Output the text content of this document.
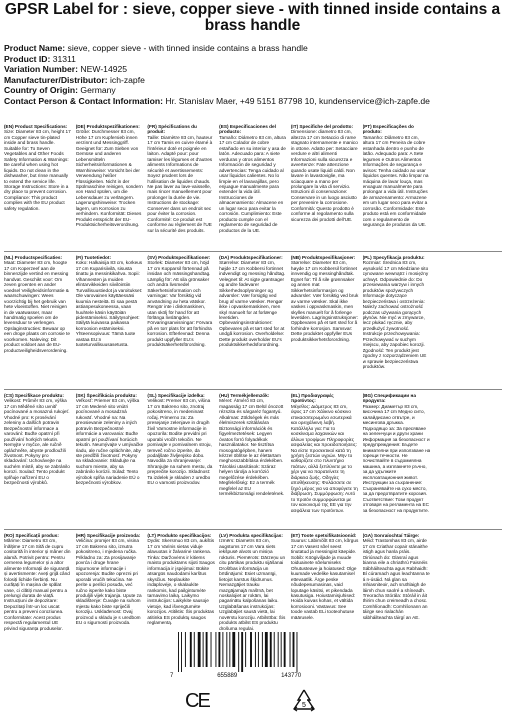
GPSR Label for : sieve, copper sieve - with tinned inside contains a brass handle
Product Name: sieve, copper sieve - with tinned inside contains a brass handle
Product ID: 31311
Variation Number: NEW-14925
Manufacturer/Distributor: ich-zapfe
Country of Origin: Germany
Contact Person & Contact Information: Hr. Stanislav Maer, +49 5151 87798 10, kundenservice@ich-zapfe.de
(EN) Product Specifications:

Size: Diameter 83 cm, height 17 cm Copper sieve tin-plated inside and brass handle. Suitable for: To Seven Vegetables and Other Foods Safety Information & Warnings: Be careful when using hot liquids. Do not clean in the dishwasher, but rinse manually to extend the service life. Storage Instructions: Store in a dry place to prevent corrosion. Compliance: This product complies with the EU product safety regulation.

(DE) Produktspezifikationen:

Größe: Durchmesser 83 cm, Höhe 17 cm Kupfersieb innen verzinnt und Messinggriff. Geeignet für: Zum Sieben von Gemüse und anderen Lebensmitteln Sicherheitsinformationen & Warnhinweise: Vorsicht bei der Verwendung heißer Flüssigkeiten. Nicht in der Spülmaschine reinigen, sondern von Hand spülen, um die Lebensdauer zu verlängern. Lagerungshinweise: Trocken lagern, um Korrosion zu verhindern. Konformität: Dieses Produkt entspricht der EU-Produktsicherheitsverordnung.

(FR) Spécifications du produit:

Taille: Diamètre 83 cm, hauteur 17 cm Tamis en cuivre étamé à l'intérieur doté et poignée en laiton. Adapté pour: pour tamiser les légumes et d'autres aliments Informations de sécurité et avertissements: Soyez prudent lors de l'utilisation de liquides chauds. Ne pas laver au lave-vaisselle, mais rincer manuellement pour prolonger la durée de vie. Instructions de stockage: Conserver dans un endroit sec pour éviter la corrosion. Conformité: Ce produit est conforme au règlement de l'UE sur la sécurité des produits.

(ES) Especificaciones del producto:

Tamaño: Diámetro 83 cm, altura 17 cm Colador de cobre estañado en su interior y asa de latón. Adecuado para: A siete verduras y otros alimentos Información de seguridad y advertencias: Tenga cuidado al usar líquidos calientes. No lo limpie en el lavavajillas, pero enjuague manualmente para extender la vida útil. Instrucciones de almacenamiento: Almacene en un lugar seco para evitar la corrosión. Cumplimiento: Este producto cumple con el reglamento de seguridad de productos de la UE.

(IT) Specifiche del prodotto:

Dimensione: diametro 83 cm, altezza 17 cm Setaccio di rame stagnato internamente e manico in ottone. Adatto per: Setacciare verdure e altri alimenti Informazioni sulla sicurezza e avvertenze: Fate attenzione quando usate liquidi caldi. Non lavare in lavastoviglie, ma sciacquare a mano per prolungare la vita di servizio. Istruzioni di conservazione: Conservare in un luogo asciutto per prevenire la corrosione. Conformità: Questo prodotto è conforme al regolamento sulla sicurezza dei prodotti dell'UE.

(PT) Especificações do produto:

Tamanho: Diâmetro 83 cm, altura 17 cm Peneira de cobre estanhada dentro e punho de latão. Adequado para: A Sete legumes e Outros Alimentos Informações de segurança e avisos: Tenha cuidado ao usar líquidos quentes. Não limpar na máquina de lavar louça, mas enxaguar manualmente para prolongar a vida útil. Instruções de armazenamento: Armazene em um lugar seco para evitar a corrosão. Conformidade: Este produto está em conformidade com o regulamento de segurança de produtos da UE.

(NL) Productspecificaties:

Maat: Diameter 83 cm, hoogte 17 cm Koperzeef aan de binnenzijde vertind en messing handvat. Geschikt voor: Om zeven groenten en ander voedsel Veiligheidsinformatie & waarschuwingen: Wees voorzichtig bij het gebruik van hete vloeistoffen. Niet reinigen in de vaatwasser, maar handmatig spoelen om de levensduur te verlengen. Opslaginstructies: Bewaar op een droge plaats om corrosie te voorkomen. Naleving: Dit product voldoet aan de EU-productveiligheidsverordening.

(FI) Tuotetiedot:

Koko: Halkaisija 83 cm, korkeus 17 cm Kuparisiivilä, sisusta tinattu ja messinkikahva. Sopii: Vihannesten ja muiden elintarvikkeiden siivilöintiin Turvallisuustiedot ja varoitukset: Ole varovainen käyttäessäsi kuumia nesteitä. Ei saa pestä astianpesukoneessa, vaan huuhtele käsin käyttöiän pidentämiseksi. Säilytysohjeet: Säilytä kuivassa paikassa korroosion estämiseksi. Yhteensopivuus: Tämä tuote vastaa EU:n tuoteturvallisuusasetusta.

(SV) Produktspecifikationer:

Storlek: Diameter 83 cm, höjd 17 cm Kopparsil förtennad på insidan och mässingshandtag. Lämplig för: Att sila grönsaker och andra livsmedel Säkerhetsinformation och varningar: Var försiktig vid användning av heta vätskor. Rengör inte i diskmaskinen, utan skölj för hand för att förlänga livslängden. Förvaringsanvisningar: Förvara på en torr plats för att förhindra korrosion. Efterlevnad: Denna produkt uppfyller EU:s produktsäkerhetsförordning.

(DA) Produktspecifikationer:

Størrelse: Diameter 83 cm, højde 17 cm Kobbersi fortinnet indvendigt og messing håndtag. Velegnet til: At sigte grøntsager og andre fødevarer Sikkerhedsoplysninger og advarsler: Vær forsigtig ved brug af varme væsker. Rengør ikke i opvaskemaskinen, men skyl manuelt for at forlænge levetiden. Opbevaringsinstruktioner: Opbevares på et tørt sted for at undgå korrosion. Overholdelse: Dette produkt overholder EU's produktsikkerhedsforordning.

(NB) Produktspesifikasjoner:

Størrelse: Diameter 83 cm, høyde 17 cm Kobbersil fortinnet innvendig og messinghåndtak. Egnet for: Til å sile grønnsaker og annen mat Sikkerhetsinformasjon og advarsler: Vær forsiktig ved bruk av varme væsker. Skal ikke vaskes i oppvaskmaskin, men skylles manuelt for å forlenge levetiden. Lagringsinstruksjoner: Oppbevares på et tørt sted for å forhindre korrosjon. Samsvar: Dette produktet oppfyller EUs produktsikkerhetsforordning.

(PL) Specyfikacja produktu:

Rozmiar: Średnica 83 cm, wysokość 17 cm Miedziane sito cynowane wewnątrz i mosiężny uchwyt. Odpowiednie do: Do przesiewania warzyw i innych produktów spożywczych Informacje dotyczące bezpieczeństwa i ostrzeżenia: Należy zachować ostrożność podczas używania gorących płynów. Nie myć w zmywarce, lecz płukać ręcznie, aby przedłużyć żywotność. Instrukcje przechowywania: Przechowywać w suchym miejscu, aby zapobiec korozji. Zgodność: Ten produkt jest zgodny z rozporządzeniem UE w sprawie bezpieczeństwa produktów.

(CS) Specifikace produktu:

Velikost: Průměr 83 cm, výška 17 cm Měděné síto uvnitř pocínované a mosazná rukojeť. Vhodné pro: K prosévání zeleniny a dalších potravin Bezpečnostní informace a varování: Buďte opatrní při používání horkých tekutin. Nemyjte v myčce, ale ručně opláchněte, abyste prodloužili životnost. Pokyny pro skladování: Uchovávejte na suchém místě, aby se zabránilo korozi. Soulad: Tento produkt splňuje nařízení EU o bezpečnosti výrobků.

(SK) Špecifikácia produktu:

Veľkosť: Priemer 83 cm, výška 17 cm Medené sito vnútri pocínované a mosadzná rukoväť. Vhodné na: Na preosievanie zeleniny a iných potravín Bezpečnostné informácie a varovania: Buďte opatrní pri používaní horúcich tekutín. Neumývajte v umývačke riadu, ale ručne opláchnite, aby ste predĺžili životnosť. Pokyny na skladovanie: Skladujte na suchom mieste, aby sa zabránilo korózii. Súlad: Tento výrobok spĺňa nariadenie EÚ o bezpečnosti výrobkov.

(SL) Specifikacije izdelka:

Velikost: Premer 83 cm, višina 17 cm Bakreno sito, znotraj pokositreno, in medeninast ročaj. Primerno za: Za presejanje zelenjave in drugih živil Varnostne informacije in opozorila: Bodite previdni pri uporabi vročih tekočin. Ne pomivajte v pomivalnem stroju, temveč ročno izperite, da podaljšate življenjsko dobo. Navodila za shranjevanje: Shranjujte na suhem mestu, da preprečite korozijo. Skladnost: Ta izdelek je skladen z uredbo EU o varnosti proizvodov.

(HU) Termékjellemzők:

Méret: Átmérő 83 cm, magasság 17 cm Belül ónozott rézszita és sárgaréz fogantyú. Alkalmas: Zöldségek és más élelmiszerek szitálására Biztonsági információk és figyelmeztetések: Legyen óvatos forró folyadékok használatakor. Ne tisztítsa mosogatógépben, hanem kézzel öblítse le az élettartam meghosszabbítása érdekében. Tárolási utasítások: Száraz helyen tárolja a korrózió megelőzése érdekében. Megfelelőség: Ez a termék megfelel az EU termékbiztonsági rendeletének.

(EL) Προδιαγραφές προϊόντος:

Μέγεθος: Διάμετρος 83 cm, ύψος 17 cm Χάλκινο κόσκινο επικασσιτερωμένο εσωτερικά και ορειχάλκινη λαβή. Κατάλληλο για: Για το κοσκίνισμα λαχανικών και άλλων τροφίμων Πληροφορίες ασφαλείας και προειδοποιήσεις: Να είστε προσεκτικοί κατά τη χρήση ζεστών υγρών. Μην το καθαρίζετε στο πλυντήριο πιάτων, αλλά ξεπλύνετε με το χέρι για να παρατείνετε τη διάρκεια ζωής. Οδηγίες αποθήκευσης: Φυλάσσετε σε ξηρό μέρος για να αποφύγετε τη διάβρωση. Συμμόρφωση: Αυτό το προϊόν συμμορφώνεται με τον κανονισμό της ΕΕ για την ασφάλεια των προϊόντων.

(BG) Спецификации на продукта:

Размер: Диаметър 83 cm, височина 17 cm Медно сито, калайдисано отвътре, и месингова дръжка. Подходящо за: За пресяване на зеленчуци и други храни Информация за безопасност и предупреждения: Бъдете внимателни при използване на горещи течности. Не почиствайте в съдомиялна машина, а изплакнете ръчно, за да удължите експлоатационния живот. Инструкции за съхранение: Съхранявайте на сухо място, за да предотвратите корозия. Съответствие: Този продукт отговаря на регламента на ЕС за безопасност на продуктите.

(RO) Specificații produs:

Mărime: Diametru 83 cm, înălțime 17 cm Sită de cupru cositorită în interior și mâner din alamă. Potrivit pentru: Pentru cernerea legumelor și a altor alimente Informații de siguranță și avertismente: Aveți grijă când folosiți lichide fierbinți. Nu curățați în mașina de spălat vase, ci clătiți manual pentru a prelungi durata de viață. Instrucțiuni de depozitare: Depozitați într-un loc uscat pentru a preveni coroziunea. Conformitate: Acest produs respectă regulamentul UE privind siguranța produselor.

(HR) Specifikacije proizvoda:

Veličina: promjer 83 cm, visina 17 cm Bakreno sito, iznutra pokositreno, i mjedena ručka. Prikladno za: Za prosijavanje povrća i druge hrane Sigurnosne informacije i upozorenja: Budite oprezni pri uporabi vrućih tekućina. Ne perite u perilici posuđa, već ručno isperite kako biste produljili vijek trajanja. Upute za skladištenje: Čuvajte na suhom mjestu kako biste spriječili koroziju. Usklađenost: Ovaj proizvod u skladu je s uredbom EU o sigurnosti proizvoda.

(LT) Produkto specifikacijos:

Dydis: Skersmuo 83 cm, aukštis 17 cm Varinis sietas viduje alavuotas ir žalvarinė rankena. Tinka: Daržovėms ir kitiems maisto produktams sijoti Saugos informacija ir įspėjimai: Būkite atsargūs naudodami karštus skysčius. Neplaukite indaplovėje, o skalaukite rankomis, kad pailgintumėte tarnavimo laiką. Laikymo instrukcijos: Laikykite sausoje vietoje, kad išvengtumėte korozijos. Atitiktis: Šis produktas atitinka ES produktų saugos reglamentą.

(LV) Produkta specifikācijas:

Izmērs: Diametrs 83 cm, augstums 17 cm Vara siets iekšpusē alvots un misiņa rokturis. Piemērots: Dārzeņu un citu pārtikas produktu sijāšanai Drošības informācija un brīdinājumi: Esiet uzmanīgi, lietojot karstus šķidrumus. Nemazgājiet trauku mazgājamajā mašīnā, bet noskalojiet ar rokām, lai pagarinātu kalpošanas laiku. Uzglabāšanas instrukcijas: Uzglabājiet sausā vietā, lai novērstu koroziju. Atbilstība: Šis produkts atbilst ES produktu drošuma regulai.

(ET) Toote spetsifikatsioonid:

Suurus: Läbimõõt 83 cm, kõrgus 17 cm Vasest sõel seest tinutatud ja messingist käepide. Sobib: Köögiviljade ja muude toiduainete sõelumiseks Ohutusteave ja hoiatused: Olge kuumade vedelike kasutamisel ettevaatlik. Ärge peske nõudepesumasinas, vaid loputage käsitsi, et pikendada kasutusiga. Hoiustamisjuhised: Hoida kuivas kohas, et vältida korrosiooni. Vastavus: See toode vastab ELi tooteohutuse määrusele.

(GA) Sonraíochtaí Táirge:

Méid: Trastomhas 83 cm, airde 17 cm Criathar copair stánaithe istigh agus hanla práis. Oiriúnach do: Glasraí agus bianna eile a chriathrú Faisnéis Sábháilteachta agus Rabhaidh: Bí cúramach agus leachtanna te á n-úsáid. Ná glan sa mhiasniteoir, ach sruthlaigh de láimh chun saolré a shíneadh. Treoracha Stórála: Stóráil in áit thirim chun creimeadh a chosc. Comhlíonadh: Comhlíonann an táirge seo rialachán sábháilteachta táirgí an AE.

7	655889	143770
CE	5
